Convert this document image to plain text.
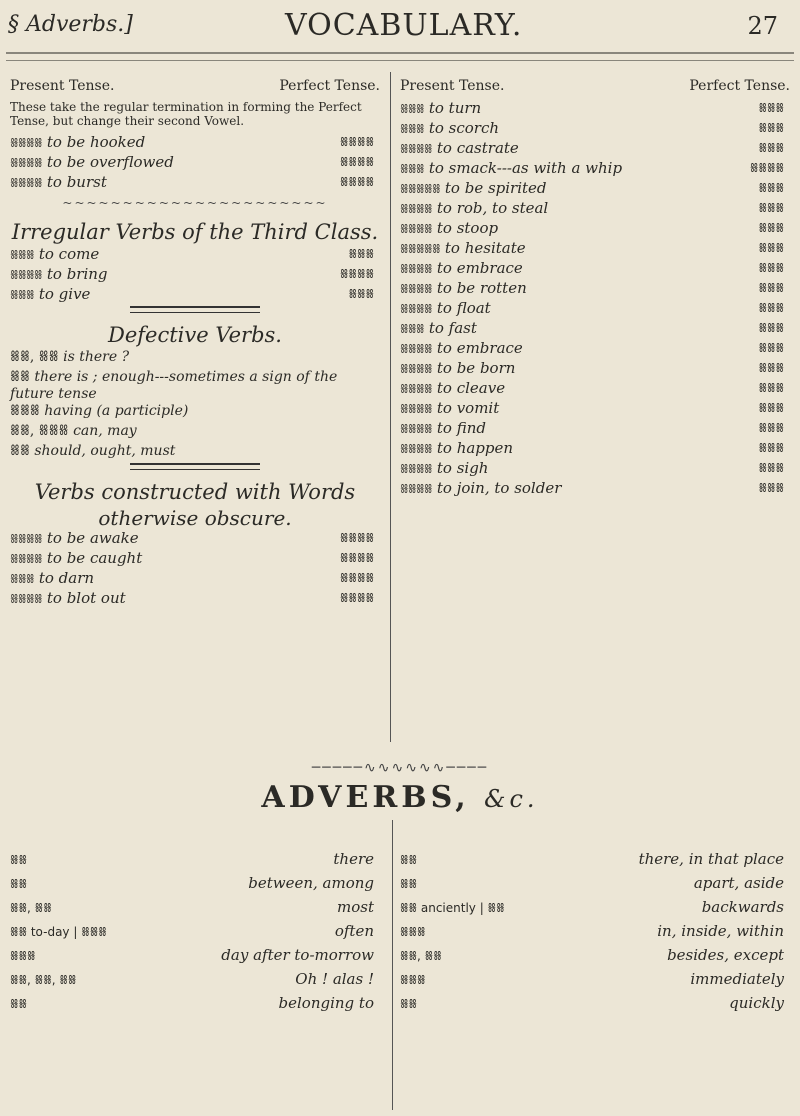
§ Adverbs.]	VOCABULARY.	27
Present Tense.	Perfect Tense.

These take the regular termination in forming the Perfect Tense, but change their second Vowel.

ꗤꗤꗤꗤ to be hooked	ꗤꗤꗤꗤ
ꗤꗤꗤꗤ to be overflowed	ꗤꗤꗤꗤ
ꗤꗤꗤꗤ to burst	ꗤꗤꗤꗤ
~~~~~~~~~~~~~~~~~~~~~~
Irregular Verbs of the Third Class.
ꗤꗤꗤ to come	ꗤꗤꗤ
ꗤꗤꗤꗤ to bring	ꗤꗤꗤꗤ
ꗤꗤꗤ to give	ꗤꗤꗤ
Defective Verbs.
ꗤꗤ, ꗤꗤ is there ?
ꗤꗤ there is ; enough---sometimes a sign of the future tense
ꗤꗤꗤ having (a participle)
ꗤꗤ, ꗤꗤꗤ can, may
ꗤꗤ should, ought, must
Verbs constructed with Words
otherwise obscure.
ꗤꗤꗤꗤ to be awake	ꗤꗤꗤꗤ
ꗤꗤꗤꗤ to be caught	ꗤꗤꗤꗤ
ꗤꗤꗤ to darn	ꗤꗤꗤꗤ
ꗤꗤꗤꗤ to blot out	ꗤꗤꗤꗤ
Present Tense.	Perfect Tense.
ꗤꗤꗤ to turn	ꗤꗤꗤ
ꗤꗤꗤ to scorch	ꗤꗤꗤ
ꗤꗤꗤꗤ to castrate	ꗤꗤꗤ
ꗤꗤꗤ to smack---as with a whip	ꗤꗤꗤꗤ
ꗤꗤꗤꗤꗤ to be spirited	ꗤꗤꗤ
ꗤꗤꗤꗤ to rob, to steal	ꗤꗤꗤ
ꗤꗤꗤꗤ to stoop	ꗤꗤꗤ
ꗤꗤꗤꗤꗤ to hesitate	ꗤꗤꗤ
ꗤꗤꗤꗤ to embrace	ꗤꗤꗤ
ꗤꗤꗤꗤ to be rotten	ꗤꗤꗤ
ꗤꗤꗤꗤ to float	ꗤꗤꗤ
ꗤꗤꗤ to fast	ꗤꗤꗤ
ꗤꗤꗤꗤ to embrace	ꗤꗤꗤ
ꗤꗤꗤꗤ to be born	ꗤꗤꗤ
ꗤꗤꗤꗤ to cleave	ꗤꗤꗤ
ꗤꗤꗤꗤ to vomit	ꗤꗤꗤ
ꗤꗤꗤꗤ to find	ꗤꗤꗤ
ꗤꗤꗤꗤ to happen	ꗤꗤꗤ
ꗤꗤꗤꗤ to sigh	ꗤꗤꗤ
ꗤꗤꗤꗤ to join, to solder	ꗤꗤꗤ
─────∿∿∿∿∿∿────
ADVERBS, &c.
ꗤꗤ	there
ꗤꗤ	between, among
ꗤꗤ, ꗤꗤ	most
ꗤꗤ to-day | ꗤꗤꗤ	often
ꗤꗤꗤ	day after to-morrow
ꗤꗤ, ꗤꗤ, ꗤꗤ	Oh ! alas !
ꗤꗤ	belonging to
ꗤꗤ	there, in that place
ꗤꗤ	apart, aside
ꗤꗤ anciently | ꗤꗤ	backwards
ꗤꗤꗤ	in, inside, within
ꗤꗤ, ꗤꗤ	besides, except
ꗤꗤꗤ	immediately
ꗤꗤ	quickly
